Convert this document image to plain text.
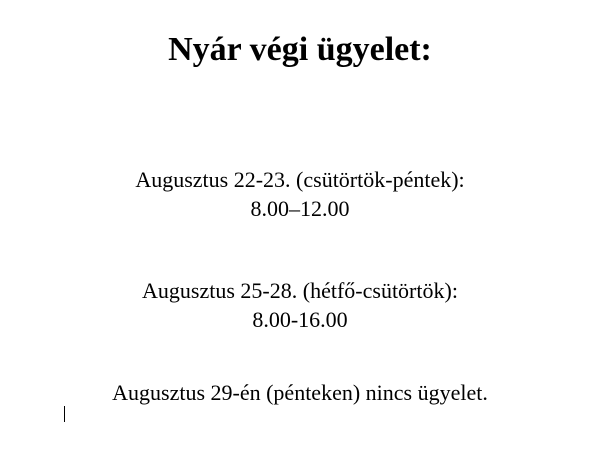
Nyár végi ügyelet:
Augusztus 22-23. (csütörtök-péntek):
8.00–12.00
Augusztus 25-28. (hétfő-csütörtök):
8.00-16.00
Augusztus 29-én (pénteken) nincs ügyelet.
